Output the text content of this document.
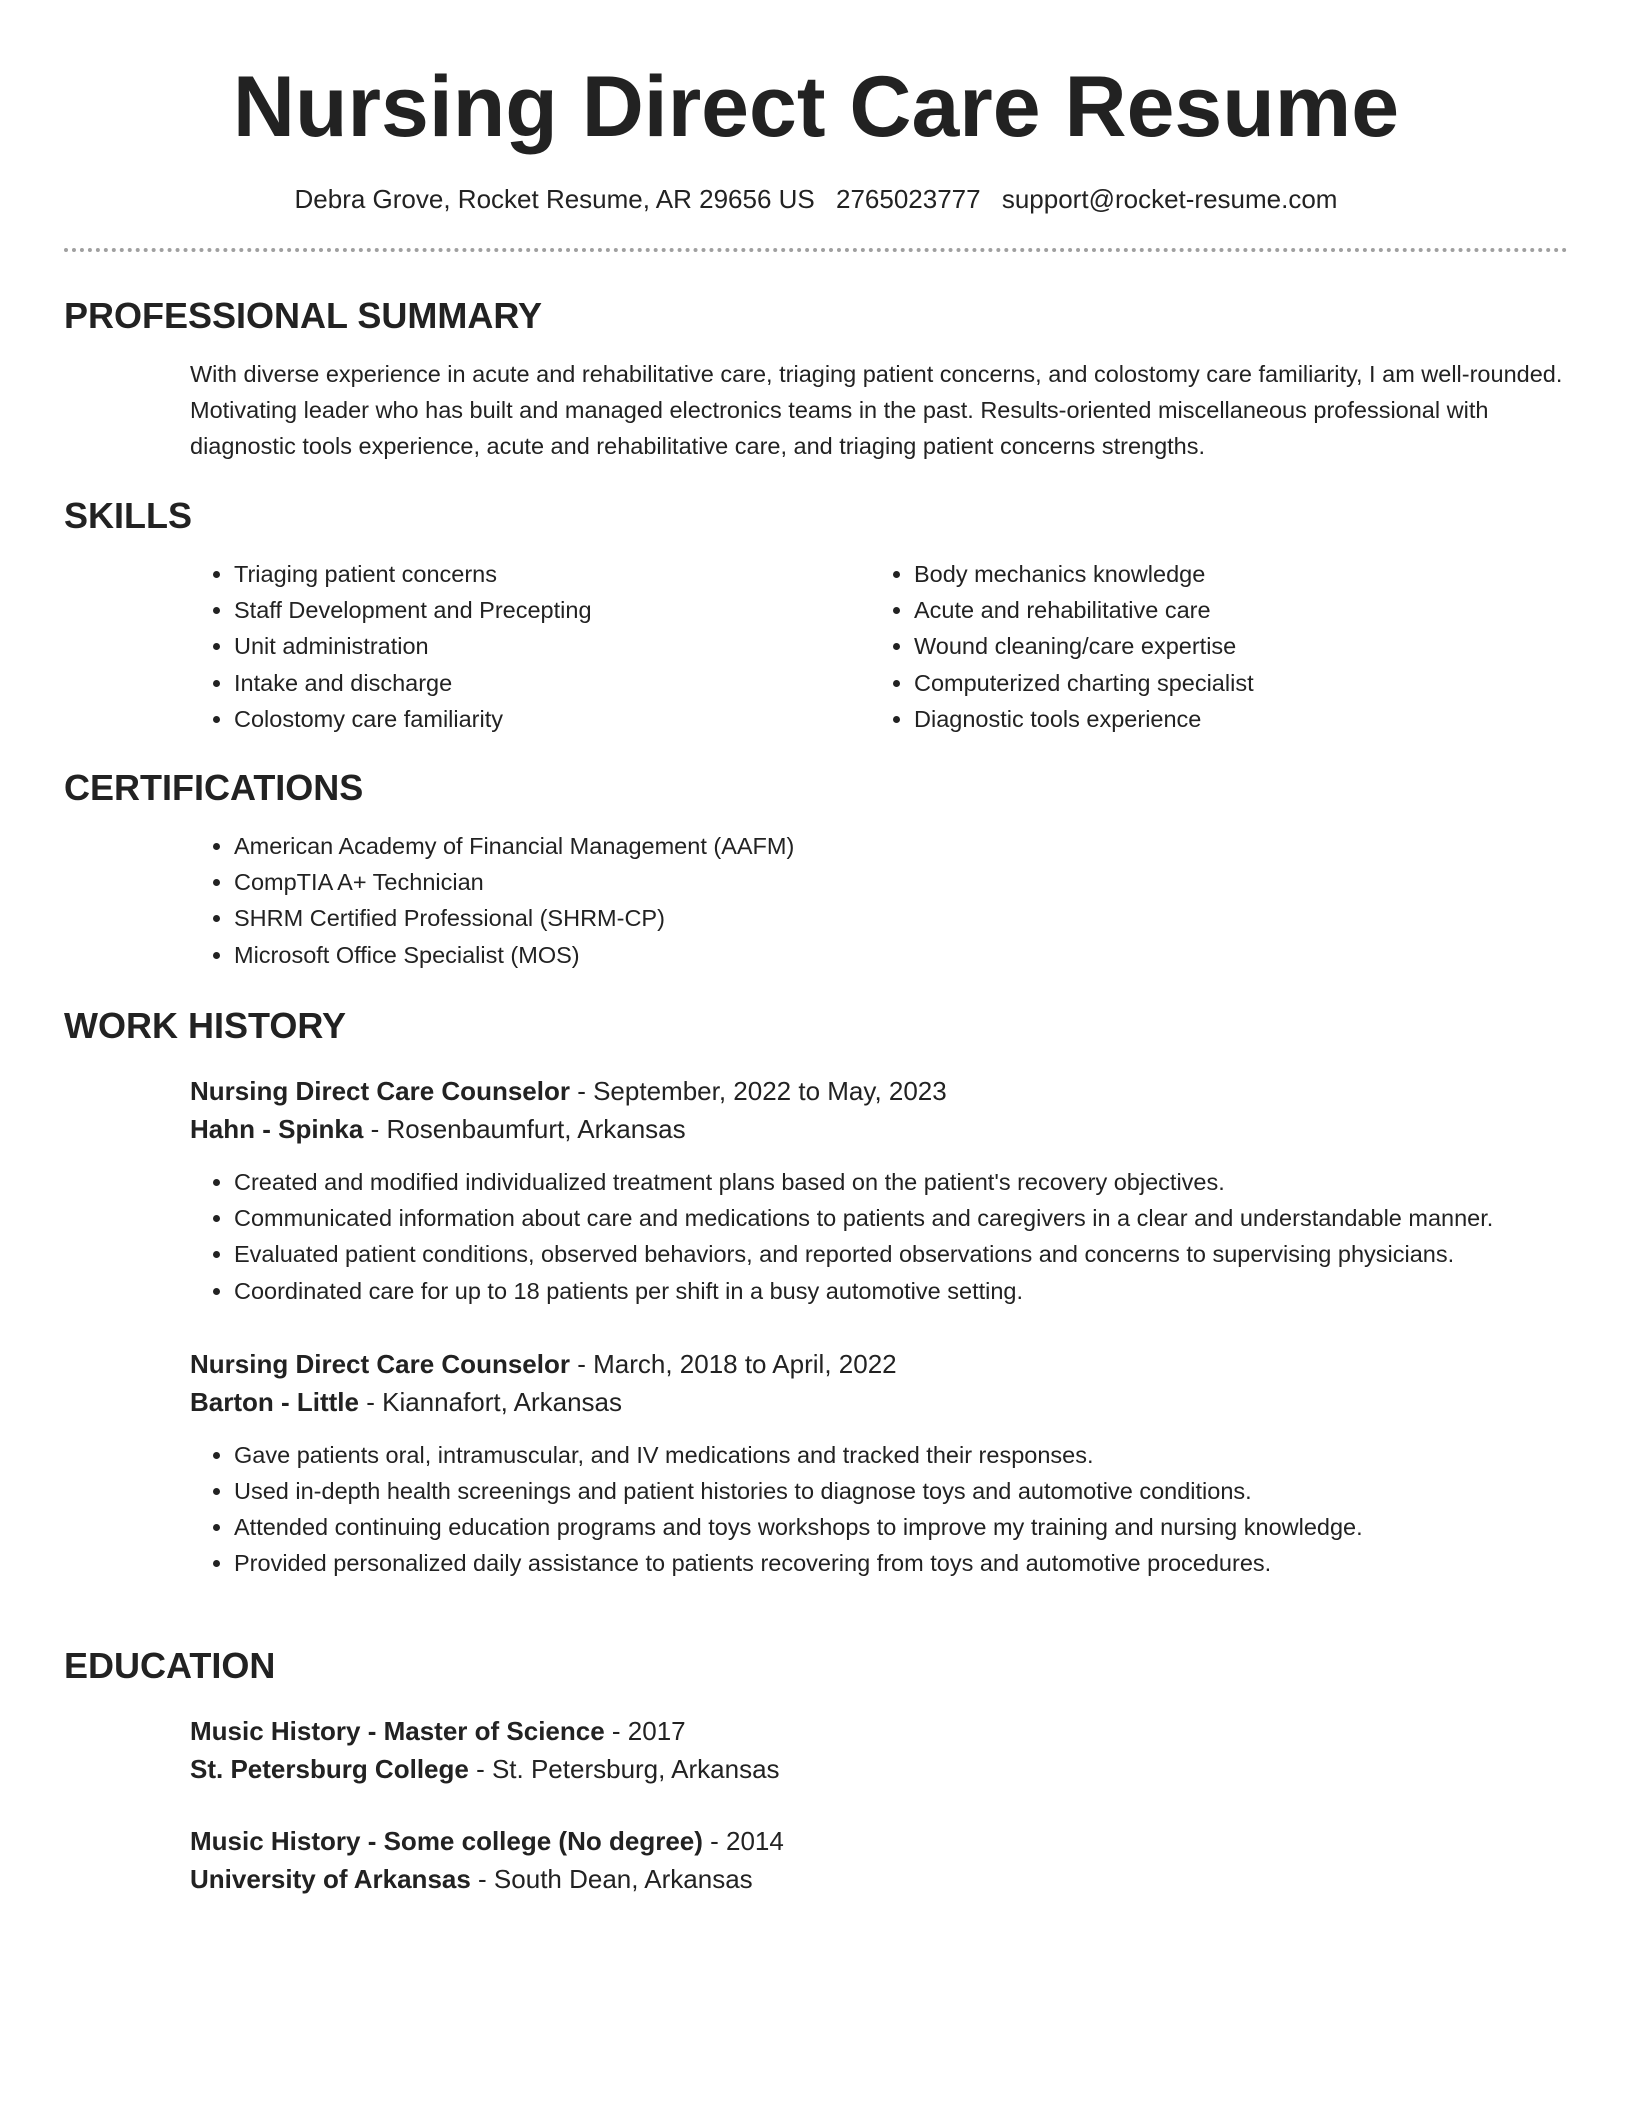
Nursing Direct Care Resume
Debra Grove, Rocket Resume, AR 29656 US 2765023777 support@rocket-resume.com
PROFESSIONAL SUMMARY
With diverse experience in acute and rehabilitative care, triaging patient concerns, and colostomy care familiarity, I am well-rounded. Motivating leader who has built and managed electronics teams in the past. Results-oriented miscellaneous professional with diagnostic tools experience, acute and rehabilitative care, and triaging patient concerns strengths.
SKILLS
• Triaging patient concerns
• Staff Development and Precepting
• Unit administration
• Intake and discharge
• Colostomy care familiarity
• Body mechanics knowledge
• Acute and rehabilitative care
• Wound cleaning/care expertise
• Computerized charting specialist
• Diagnostic tools experience
CERTIFICATIONS
• American Academy of Financial Management (AAFM)
• CompTIA A+ Technician
• SHRM Certified Professional (SHRM-CP)
• Microsoft Office Specialist (MOS)
WORK HISTORY
Nursing Direct Care Counselor - September, 2022 to May, 2023
Hahn - Spinka - Rosenbaumfurt, Arkansas
• Created and modified individualized treatment plans based on the patient's recovery objectives.
• Communicated information about care and medications to patients and caregivers in a clear and understandable manner.
• Evaluated patient conditions, observed behaviors, and reported observations and concerns to supervising physicians.
• Coordinated care for up to 18 patients per shift in a busy automotive setting.
Nursing Direct Care Counselor - March, 2018 to April, 2022
Barton - Little - Kiannafort, Arkansas
• Gave patients oral, intramuscular, and IV medications and tracked their responses.
• Used in-depth health screenings and patient histories to diagnose toys and automotive conditions.
• Attended continuing education programs and toys workshops to improve my training and nursing knowledge.
• Provided personalized daily assistance to patients recovering from toys and automotive procedures.
EDUCATION
Music History - Master of Science - 2017
St. Petersburg College - St. Petersburg, Arkansas
Music History - Some college (No degree) - 2014
University of Arkansas - South Dean, Arkansas
